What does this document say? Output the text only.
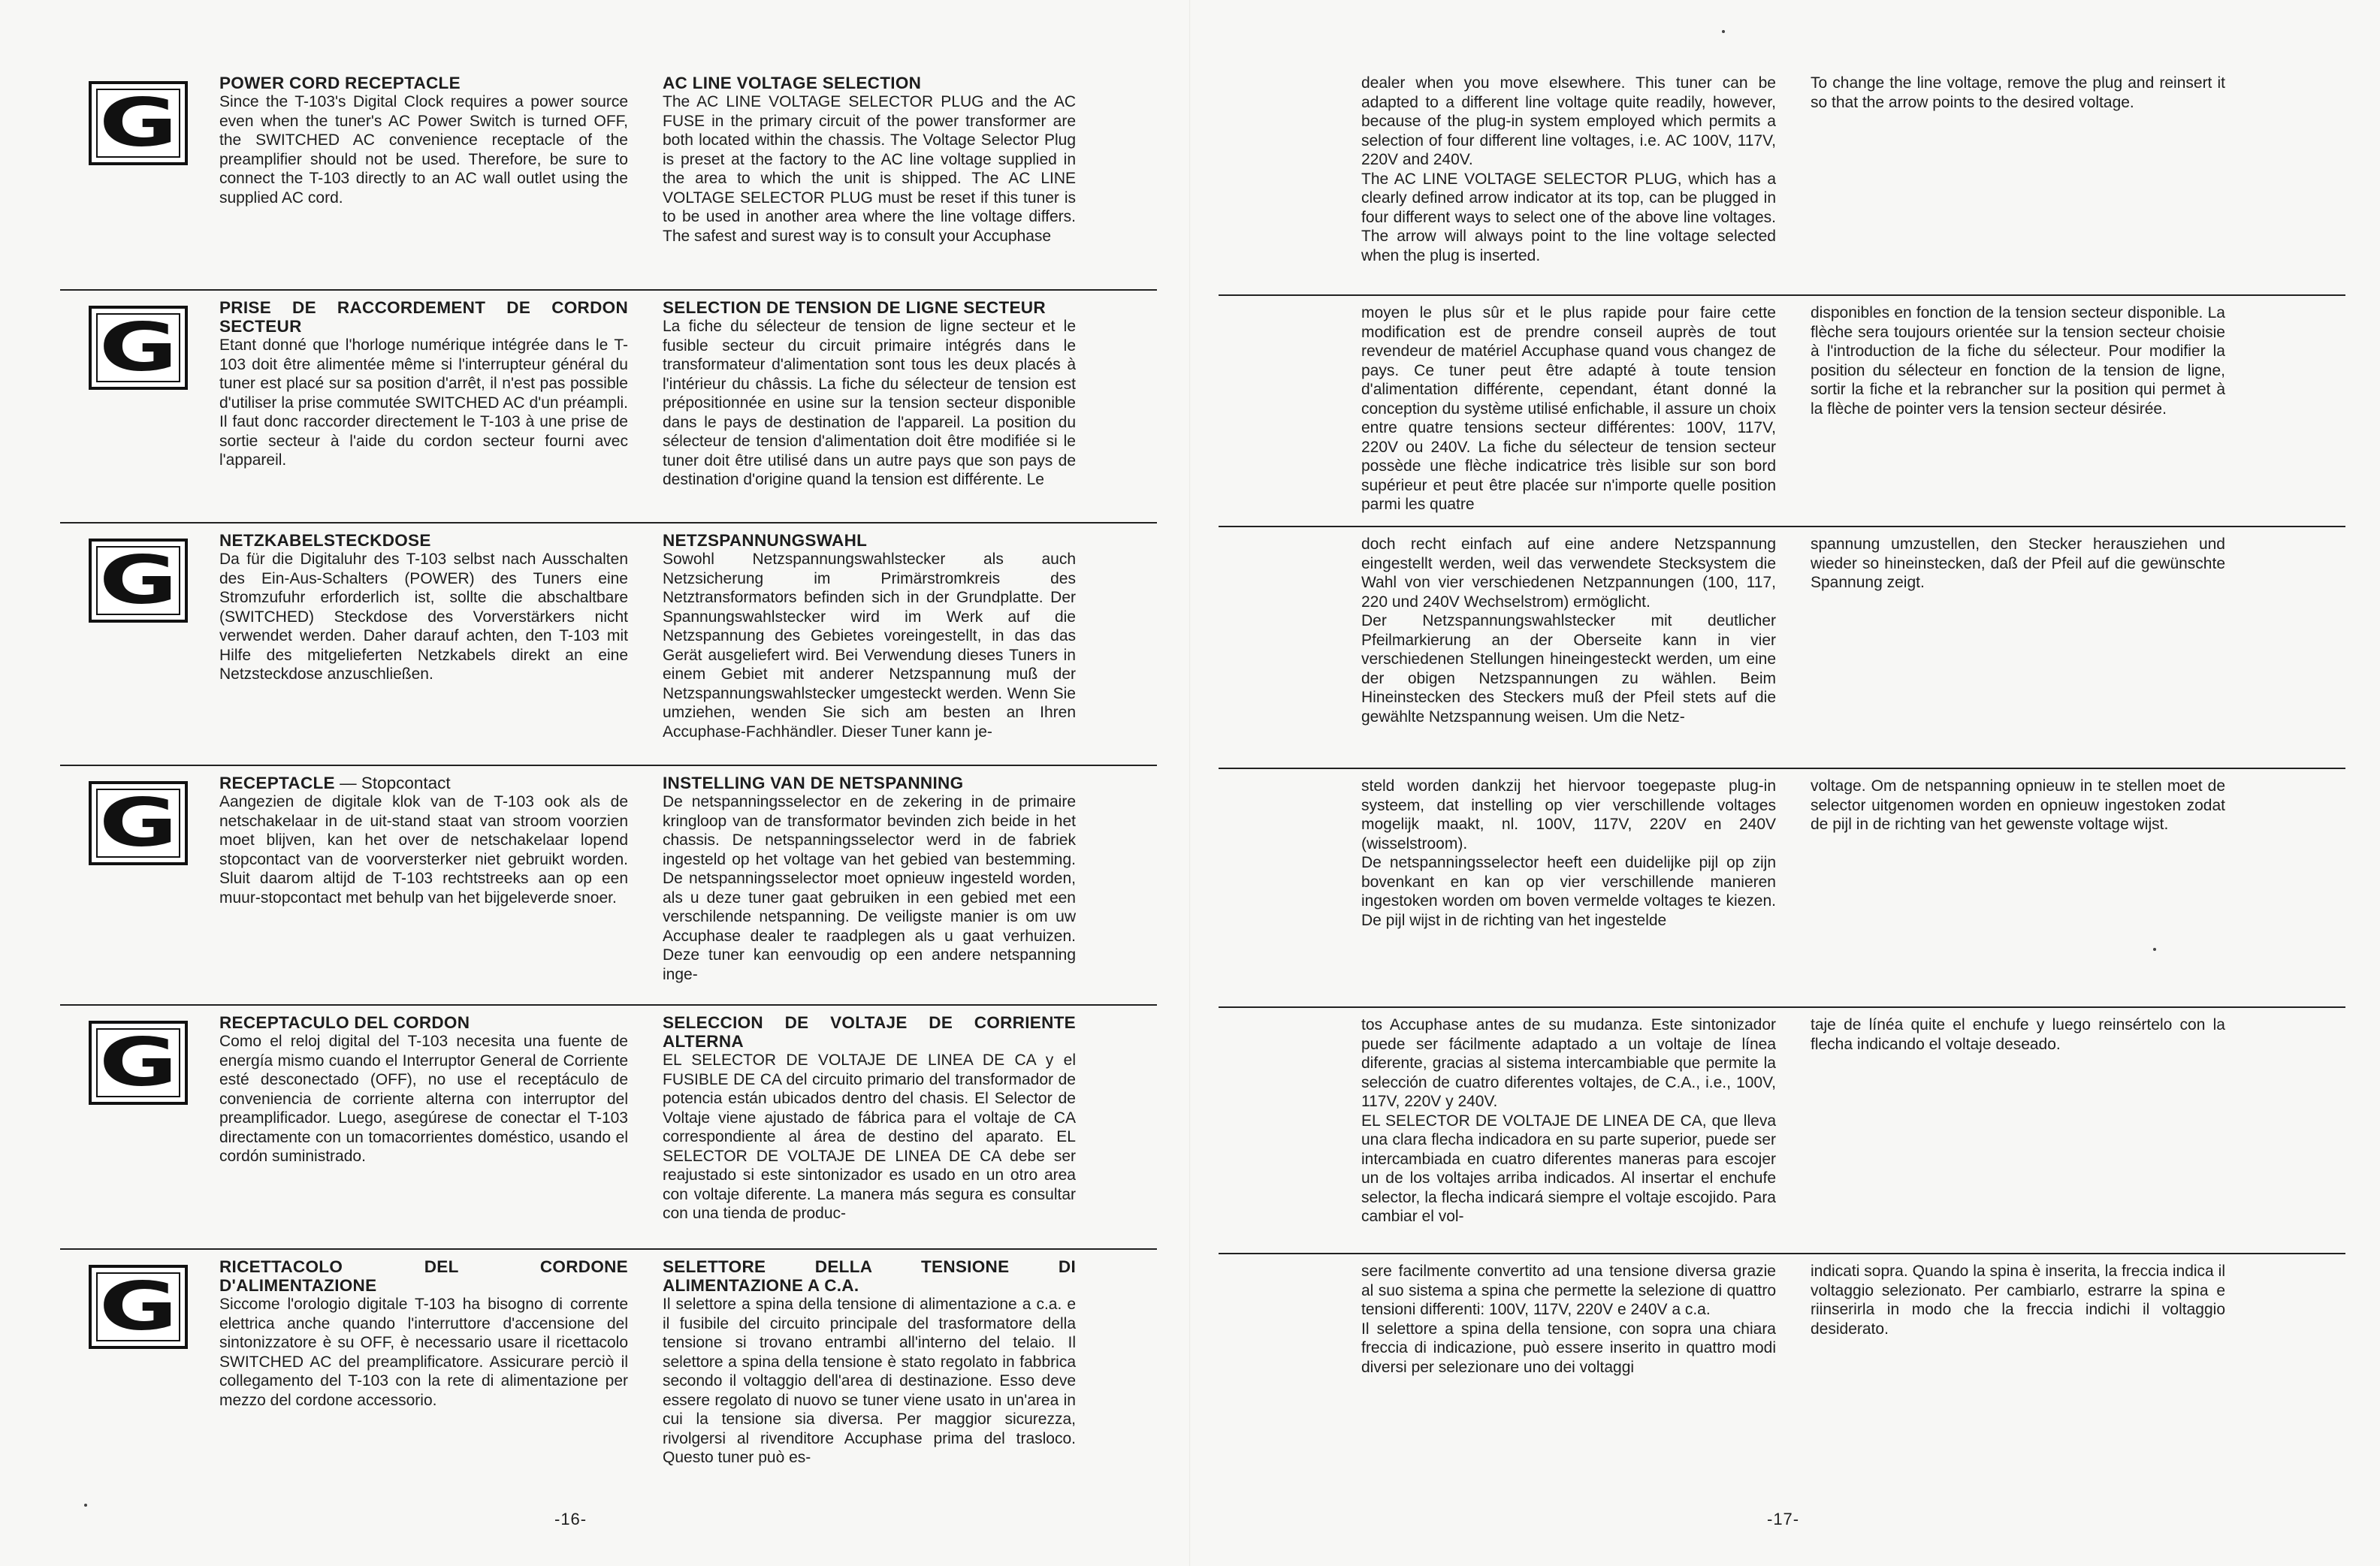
G
POWER CORD RECEPTACLE

Since the T-103's Digital Clock requires a power source even when the tuner's AC Power Switch is turned OFF, the SWITCHED AC convenience receptacle of the preamplifier should not be used. Therefore, be sure to connect the T-103 directly to an AC wall outlet using the supplied AC cord.

AC LINE VOLTAGE SELECTION

The AC LINE VOLTAGE SELECTOR PLUG and the AC FUSE in the primary circuit of the power transformer are both located within the chassis. The Voltage Selector Plug is preset at the factory to the AC line voltage supplied in the area to which the unit is shipped. The AC LINE VOLTAGE SELECTOR PLUG must be reset if this tuner is to be used in another area where the line voltage differs. The safest and surest way is to consult your Accuphase

G
PRISE DE RACCORDEMENT DE CORDON SECTEUR

Etant donné que l'horloge numérique intégrée dans le T-103 doit être alimentée même si l'interrupteur général du tuner est placé sur sa position d'arrêt, il n'est pas possible d'utiliser la prise commutée SWITCHED AC d'un préampli. Il faut donc raccorder directement le T-103 à une prise de sortie secteur à l'aide du cordon secteur fourni avec l'appareil.

SELECTION DE TENSION DE LIGNE SECTEUR

La fiche du sélecteur de tension de ligne secteur et le fusible secteur du circuit primaire intégrés dans le transformateur d'alimentation sont tous les deux placés à l'intérieur du châssis. La fiche du sélecteur de tension est prépositionnée en usine sur la tension secteur disponible dans le pays de destination de l'appareil. La position du sélecteur de tension d'alimentation doit être modifiée si le tuner doit être utilisé dans un autre pays que son pays de destination d'origine quand la tension est différente. Le

G
NETZKABELSTECKDOSE

Da für die Digitaluhr des T-103 selbst nach Ausschalten des Ein-Aus-Schalters (POWER) des Tuners eine Stromzufuhr erforderlich ist, sollte die abschaltbare (SWITCHED) Steckdose des Vorverstärkers nicht verwendet werden. Daher darauf achten, den T-103 mit Hilfe des mitgelieferten Netzkabels direkt an eine Netzsteckdose anzuschließen.

NETZSPANNUNGSWAHL

Sowohl Netzspannungswahlstecker als auch Netzsicherung im Primärstromkreis des Netztransformators befinden sich in der Grundplatte. Der Spannungswahlstecker wird im Werk auf die Netzspannung des Gebietes voreingestellt, in das das Gerät ausgeliefert wird. Bei Verwendung dieses Tuners in einem Gebiet mit anderer Netzspannung muß der Netzspannungswahlstecker umgesteckt werden. Wenn Sie umziehen, wenden Sie sich am besten an Ihren Accuphase-Fachhändler. Dieser Tuner kann je-

G
RECEPTACLE — Stopcontact

Aangezien de digitale klok van de T-103 ook als de netschakelaar in de uit-stand staat van stroom voorzien moet blijven, kan het over de netschakelaar lopend stopcontact van de voorversterker niet gebruikt worden. Sluit daarom altijd de T-103 rechtstreeks aan op een muur-stopcontact met behulp van het bijgeleverde snoer.

INSTELLING VAN DE NETSPANNING

De netspanningsselector en de zekering in de primaire kringloop van de transformator bevinden zich beide in het chassis. De netspanningsselector werd in de fabriek ingesteld op het voltage van het gebied van bestemming. De netspanningsselector moet opnieuw ingesteld worden, als u deze tuner gaat gebruiken in een gebied met een verschilende netspanning. De veiligste manier is om uw Accuphase dealer te raadplegen als u gaat verhuizen. Deze tuner kan eenvoudig op een andere netspanning inge-

G
RECEPTACULO DEL CORDON

Como el reloj digital del T-103 necesita una fuente de energía mismo cuando el Interruptor General de Corriente esté desconectado (OFF), no use el receptáculo de conveniencia de corriente alterna con interruptor del preamplificador. Luego, asegúrese de conectar el T-103 directamente con un tomacorrientes doméstico, usando el cordón suministrado.

SELECCION DE VOLTAJE DE CORRIENTE ALTERNA

EL SELECTOR DE VOLTAJE DE LINEA DE CA y el FUSIBLE DE CA del circuito primario del transformador de potencia están ubicados dentro del chasis. El Selector de Voltaje viene ajustado de fábrica para el voltaje de CA correspondiente al área de destino del aparato. EL SELECTOR DE VOLTAJE DE LINEA DE CA debe ser reajustado si este sintonizador es usado en un otro area con voltaje diferente. La manera más segura es consultar con una tienda de produc-

G
RICETTACOLO DEL CORDONE D'ALIMENTAZIONE

Siccome l'orologio digitale T-103 ha bisogno di corrente elettrica anche quando l'interruttore d'accensione del sintonizzatore è su OFF, è necessario usare il ricettacolo SWITCHED AC del preamplificatore. Assicurare perciò il collegamento del T-103 con la rete di alimentazione per mezzo del cordone accessorio.

SELETTORE DELLA TENSIONE DI ALIMENTAZIONE A C.A.

Il selettore a spina della tensione di alimentazione a c.a. e il fusibile del circuito principale del trasformatore della tensione si trovano entrambi all'interno del telaio. Il selettore a spina della tensione è stato regolato in fabbrica secondo il voltaggio dell'area di destinazione. Esso deve essere regolato di nuovo se tuner viene usato in un'area in cui la tensione sia diversa. Per maggior sicurezza, rivolgersi al rivenditore Accuphase prima del trasloco. Questo tuner può es-

-16-

dealer when you move elsewhere. This tuner can be adapted to a different line voltage quite readily, however, because of the plug-in system employed which permits a selection of four different line voltages, i.e. AC 100V, 117V, 220V and 240V.
The AC LINE VOLTAGE SELECTOR PLUG, which has a clearly defined arrow indicator at its top, can be plugged in four different ways to select one of the above line voltages. The arrow will always point to the line voltage selected when the plug is inserted.

To change the line voltage, remove the plug and reinsert it so that the arrow points to the desired voltage.

moyen le plus sûr et le plus rapide pour faire cette modification est de prendre conseil auprès de tout revendeur de matériel Accuphase quand vous changez de pays. Ce tuner peut être adapté à toute tension d'alimentation différente, cependant, étant donné la conception du système utilisé enfichable, il assure un choix entre quatre tensions secteur différentes: 100V, 117V, 220V ou 240V. La fiche du sélecteur de tension secteur possède une flèche indicatrice très lisible sur son bord supérieur et peut être placée sur n'importe quelle position parmi les quatre

disponibles en fonction de la tension secteur disponible. La flèche sera toujours orientée sur la tension secteur choisie à l'introduction de la fiche du sélecteur. Pour modifier la position du sélecteur en fonction de la tension de ligne, sortir la fiche et la rebrancher sur la position qui permet à la flèche de pointer vers la tension secteur désirée.

doch recht einfach auf eine andere Netzspannung eingestellt werden, weil das verwendete Stecksystem die Wahl von vier verschiedenen Netzpannungen (100, 117, 220 und 240V Wechselstrom) ermöglicht.
Der Netzspannungswahlstecker mit deutlicher Pfeilmarkierung an der Oberseite kann in vier verschiedenen Stellungen hineingesteckt werden, um eine der obigen Netzspannungen zu wählen. Beim Hineinstecken des Steckers muß der Pfeil stets auf die gewählte Netzspannung weisen. Um die Netz-

spannung umzustellen, den Stecker herausziehen und wieder so hineinstecken, daß der Pfeil auf die gewünschte Spannung zeigt.

steld worden dankzij het hiervoor toegepaste plug-in systeem, dat instelling op vier verschillende voltages mogelijk maakt, nl. 100V, 117V, 220V en 240V (wisselstroom).
De netspanningsselector heeft een duidelijke pijl op zijn bovenkant en kan op vier verschillende manieren ingestoken worden om boven vermelde voltages te kiezen. De pijl wijst in de richting van het ingestelde

voltage. Om de netspanning opnieuw in te stellen moet de selector uitgenomen worden en opnieuw ingestoken zodat de pijl in de richting van het gewenste voltage wijst.

tos Accuphase antes de su mudanza. Este sintonizador puede ser fácilmente adaptado a un voltaje de línea diferente, gracias al sistema intercambiable que permite la selección de cuatro diferentes voltajes, de C.A., i.e., 100V, 117V, 220V y 240V.
EL SELECTOR DE VOLTAJE DE LINEA DE CA, que lleva una clara flecha indicadora en su parte superior, puede ser intercambiada en cuatro diferentes maneras para escojer un de los voltajes arriba indicados. Al insertar el enchufe selector, la flecha indicará siempre el voltaje escojido. Para cambiar el vol-

taje de línéa quite el enchufe y luego reinsértelo con la flecha indicando el voltaje deseado.

sere facilmente convertito ad una tensione diversa grazie al suo sistema a spina che permette la selezione di quattro tensioni differenti: 100V, 117V, 220V e 240V a c.a.
Il selettore a spina della tensione, con sopra una chiara freccia di indicazione, può essere inserito in quattro modi diversi per selezionare uno dei voltaggi

indicati sopra. Quando la spina è inserita, la freccia indica il voltaggio selezionato. Per cambiarlo, estrarre la spina e riinserirla in modo che la freccia indichi il voltaggio desiderato.

-17-
